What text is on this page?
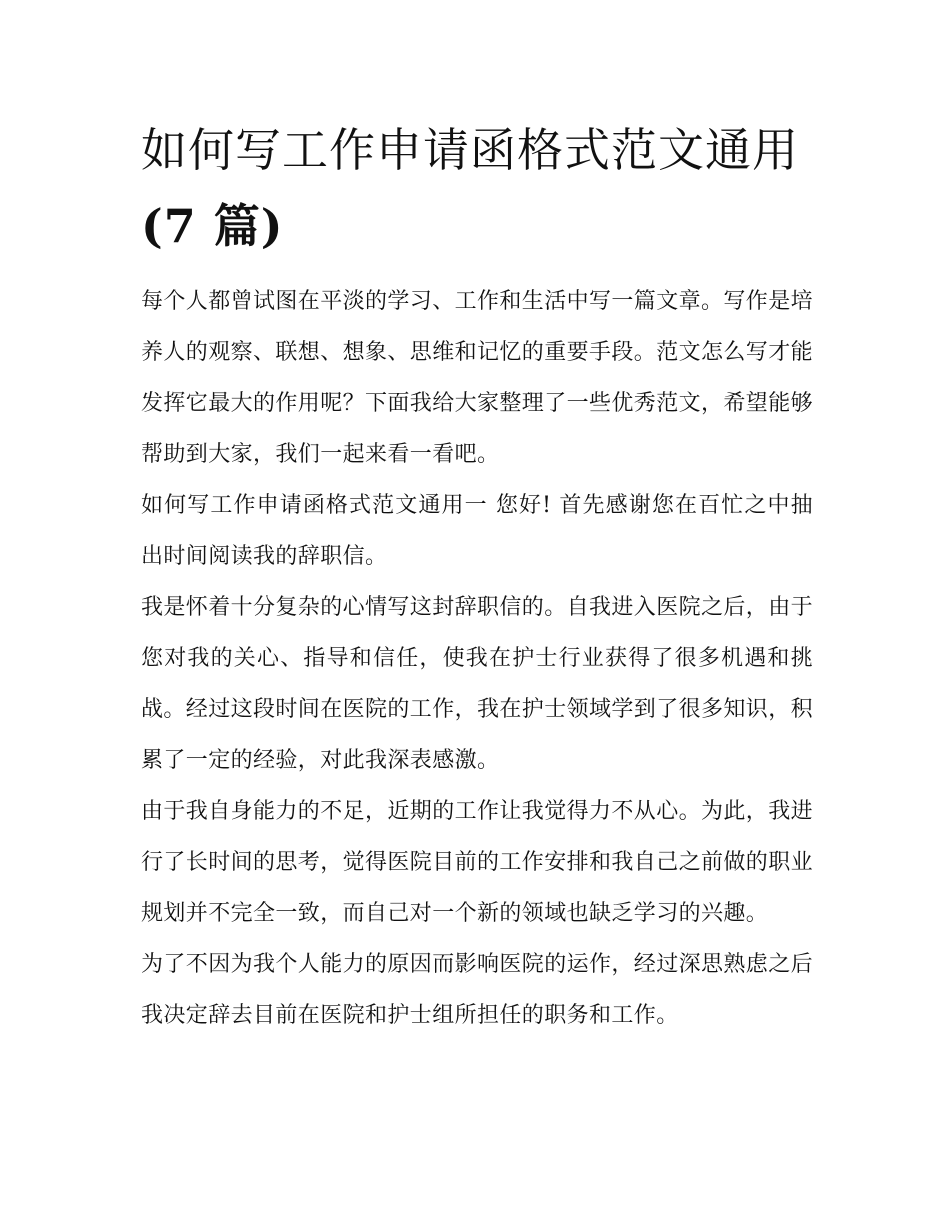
如何写工作申请函格式范文通用(7 篇)

每个人都曾试图在平淡的学习、工作和生活中写一篇文章。写作是培养人的观察、联想、想象、思维和记忆的重要手段。范文怎么写才能发挥它最大的作用呢？下面我给大家整理了一些优秀范文，希望能够帮助到大家，我们一起来看一看吧。

如何写工作申请函格式范文通用一 您好! 首先感谢您在百忙之中抽出时间阅读我的辞职信。

我是怀着十分复杂的心情写这封辞职信的。自我进入医院之后，由于您对我的关心、指导和信任，使我在护士行业获得了很多机遇和挑战。经过这段时间在医院的工作，我在护士领域学到了很多知识，积累了一定的经验，对此我深表感激。

由于我自身能力的不足，近期的工作让我觉得力不从心。为此，我进行了长时间的思考，觉得医院目前的工作安排和我自己之前做的职业规划并不完全一致，而自己对一个新的领域也缺乏学习的兴趣。

为了不因为我个人能力的原因而影响医院的运作，经过深思熟虑之后我决定辞去目前在医院和护士组所担任的职务和工作。
